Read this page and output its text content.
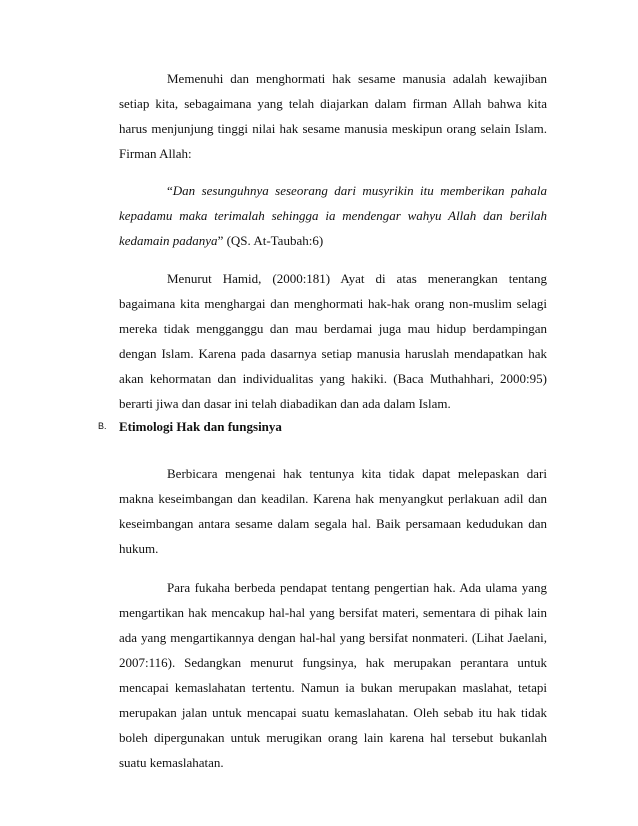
Memenuhi dan menghormati hak sesame manusia adalah kewajiban setiap kita, sebagaimana yang telah diajarkan dalam firman Allah bahwa kita harus menjunjung tinggi nilai hak sesame manusia meskipun orang selain Islam. Firman Allah:

“Dan sesunguhnya seseorang dari musyrikin itu memberikan pahala kepadamu maka terimalah sehingga ia mendengar wahyu Allah dan berilah kedamain padanya” (QS. At-Taubah:6)

Menurut Hamid, (2000:181) Ayat di atas menerangkan tentang bagaimana kita menghargai dan menghormati hak-hak orang non-muslim selagi mereka tidak mengganggu dan mau berdamai juga mau hidup berdampingan dengan Islam. Karena pada dasarnya setiap manusia haruslah mendapatkan hak akan kehormatan dan individualitas yang hakiki. (Baca Muthahhari, 2000:95) berarti jiwa dan dasar ini telah diabadikan dan ada dalam Islam.

B. Etimologi Hak dan fungsinya

Berbicara mengenai hak tentunya kita tidak dapat melepaskan dari makna keseimbangan dan keadilan. Karena hak menyangkut perlakuan adil dan keseimbangan antara sesame dalam segala hal. Baik persamaan kedudukan dan hukum.

Para fukaha berbeda pendapat tentang pengertian hak. Ada ulama yang mengartikan hak mencakup hal-hal yang bersifat materi, sementara di pihak lain ada yang mengartikannya dengan hal-hal yang bersifat nonmateri. (Lihat Jaelani, 2007:116). Sedangkan menurut fungsinya, hak merupakan perantara untuk mencapai kemaslahatan tertentu. Namun ia bukan merupakan maslahat, tetapi merupakan jalan untuk mencapai suatu kemaslahatan. Oleh sebab itu hak tidak boleh dipergunakan untuk merugikan orang lain karena hal tersebut bukanlah suatu kemaslahatan.
